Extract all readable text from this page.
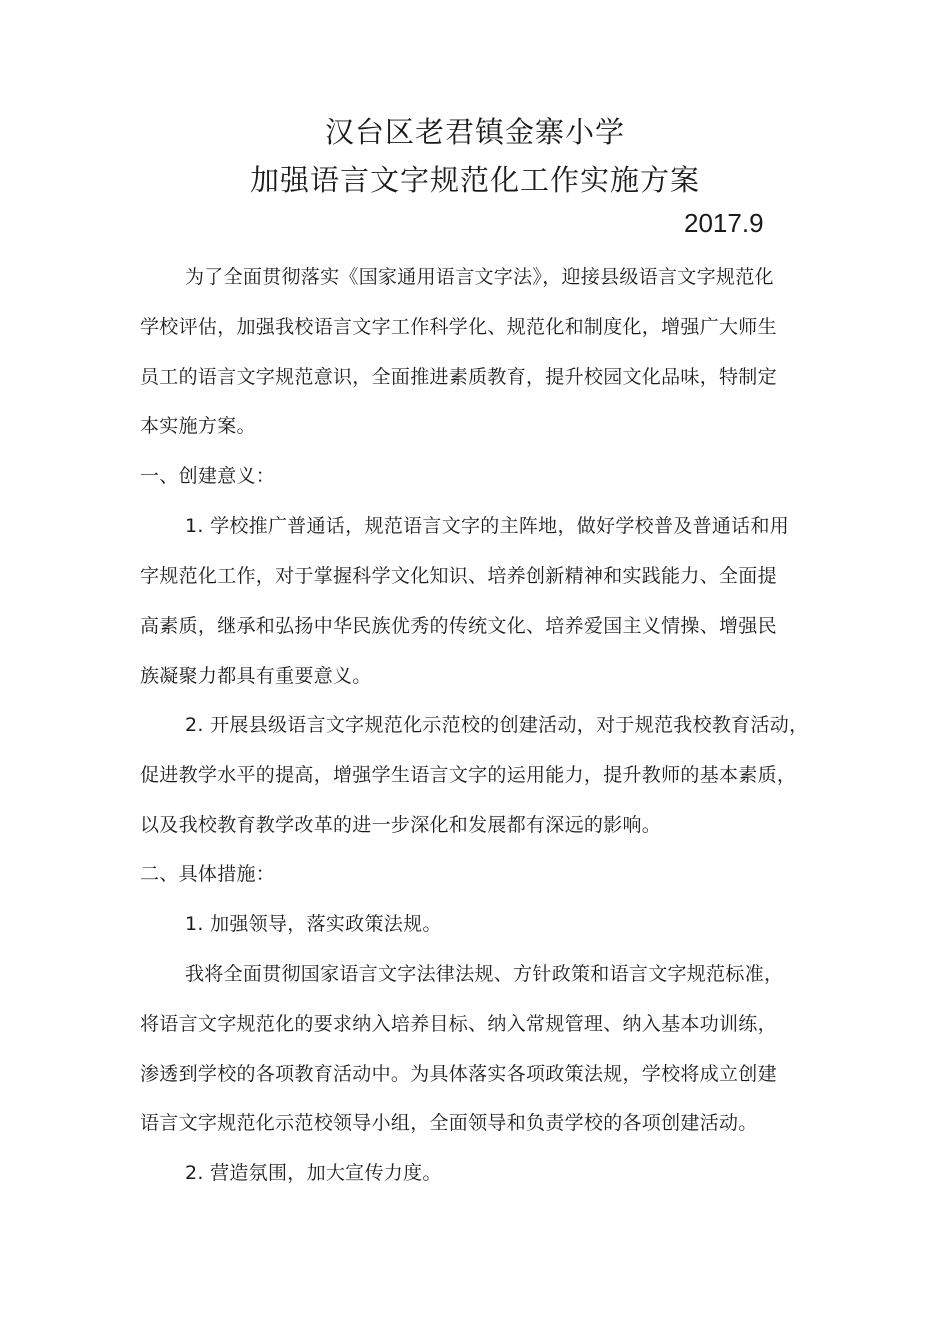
汉台区老君镇金寨小学
加强语言文字规范化工作实施方案
2017.9
为了全面贯彻落实《国家通用语言文字法》，迎接县级语言文字规范化
学校评估，加强我校语言文字工作科学化、规范化和制度化，增强广大师生
员工的语言文字规范意识，全面推进素质教育，提升校园文化品味，特制定
本实施方案。
一、创建意义：
1. 学校推广普通话，规范语言文字的主阵地，做好学校普及普通话和用
字规范化工作，对于掌握科学文化知识、培养创新精神和实践能力、全面提
高素质，继承和弘扬中华民族优秀的传统文化、培养爱国主义情操、增强民
族凝聚力都具有重要意义。
2. 开展县级语言文字规范化示范校的创建活动，对于规范我校教育活动，
促进教学水平的提高，增强学生语言文字的运用能力，提升教师的基本素质，
以及我校教育教学改革的进一步深化和发展都有深远的影响。
二、具体措施：
1. 加强领导，落实政策法规。
我将全面贯彻国家语言文字法律法规、方针政策和语言文字规范标准，
将语言文字规范化的要求纳入培养目标、纳入常规管理、纳入基本功训练，
渗透到学校的各项教育活动中。为具体落实各项政策法规，学校将成立创建
语言文字规范化示范校领导小组，全面领导和负责学校的各项创建活动。
2. 营造氛围，加大宣传力度。
